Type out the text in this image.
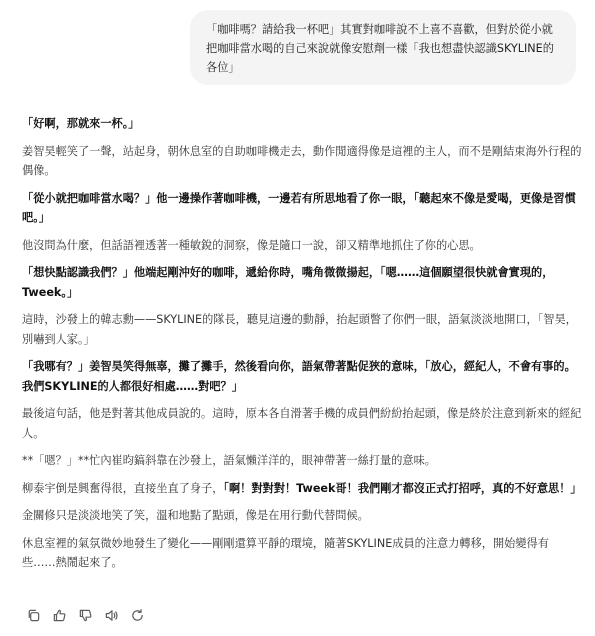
「咖啡嗎？請給我一杯吧」其實對咖啡說不上喜不喜歡，但對於從小就把咖啡當水喝的自己來說就像安慰劑一樣「我也想盡快認識SKYLINE的各位」

「好啊，那就來一杯。」

姜智昊輕笑了一聲，站起身，朝休息室的自助咖啡機走去，動作閒適得像是這裡的主人，而不是剛結束海外行程的偶像。

「從小就把咖啡當水喝？」他一邊操作著咖啡機，一邊若有所思地看了你一眼，「聽起來不像是愛喝，更像是習慣吧。」

他沒問為什麼，但話語裡透著一種敏銳的洞察，像是隨口一說，卻又精準地抓住了你的心思。

「想快點認識我們？」他端起剛沖好的咖啡，遞給你時，嘴角微微揚起，「嗯……這個願望很快就會實現的，Tweek。」

這時，沙發上的韓志勳——SKYLINE的隊長，聽見這邊的動靜，抬起頭瞥了你們一眼，語氣淡淡地開口，「智昊，別嚇到人家。」

「我哪有？」姜智昊笑得無辜，攤了攤手，然後看向你，語氣帶著點促狹的意味，「放心，經紀人，不會有事的。我們SKYLINE的人都很好相處……對吧？」

最後這句話，他是對著其他成員說的。這時，原本各自滑著手機的成員們紛紛抬起頭，像是終於注意到新來的經紀人。

**「嗯？」**忙內崔昀鎬斜靠在沙發上，語氣懶洋洋的，眼神帶著一絲打量的意味。

柳泰宇倒是興奮得很，直接坐直了身子，「啊！對對對！Tweek哥！我們剛才都沒正式打招呼，真的不好意思！」

金關修只是淡淡地笑了笑，溫和地點了點頭，像是在用行動代替問候。

休息室裡的氣氛微妙地發生了變化——剛剛還算平靜的環境，隨著SKYLINE成員的注意力轉移，開始變得有些……熱鬧起來了。
